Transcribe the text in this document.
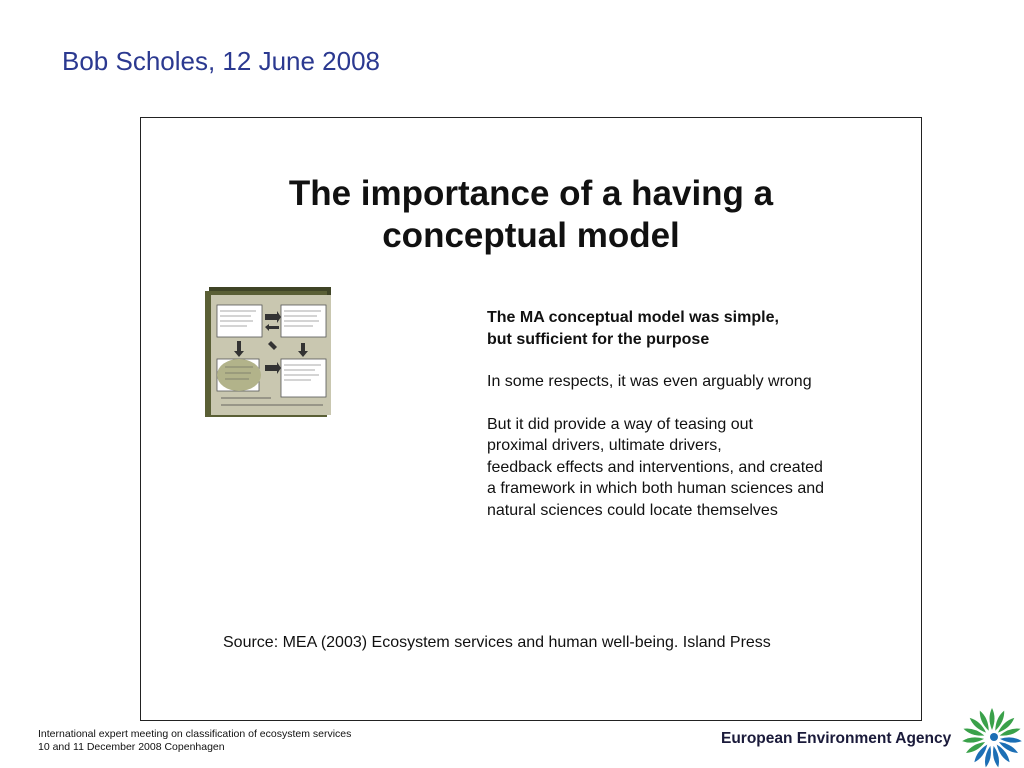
Bob Scholes, 12 June 2008
The importance of a having a
conceptual model

The MA conceptual model was simple,

but sufficient for the purpose

In some respects, it was even arguably wrong

But it did provide a way of teasing out

proximal drivers, ultimate drivers,

feedback effects and interventions, and created

a framework in which both human sciences and

natural sciences could locate themselves

Source: MEA (2003) Ecosystem services and human well-being. Island Press
International expert meeting on classification of ecosystem services
10 and 11 December 2008 Copenhagen	European Environment Agency
